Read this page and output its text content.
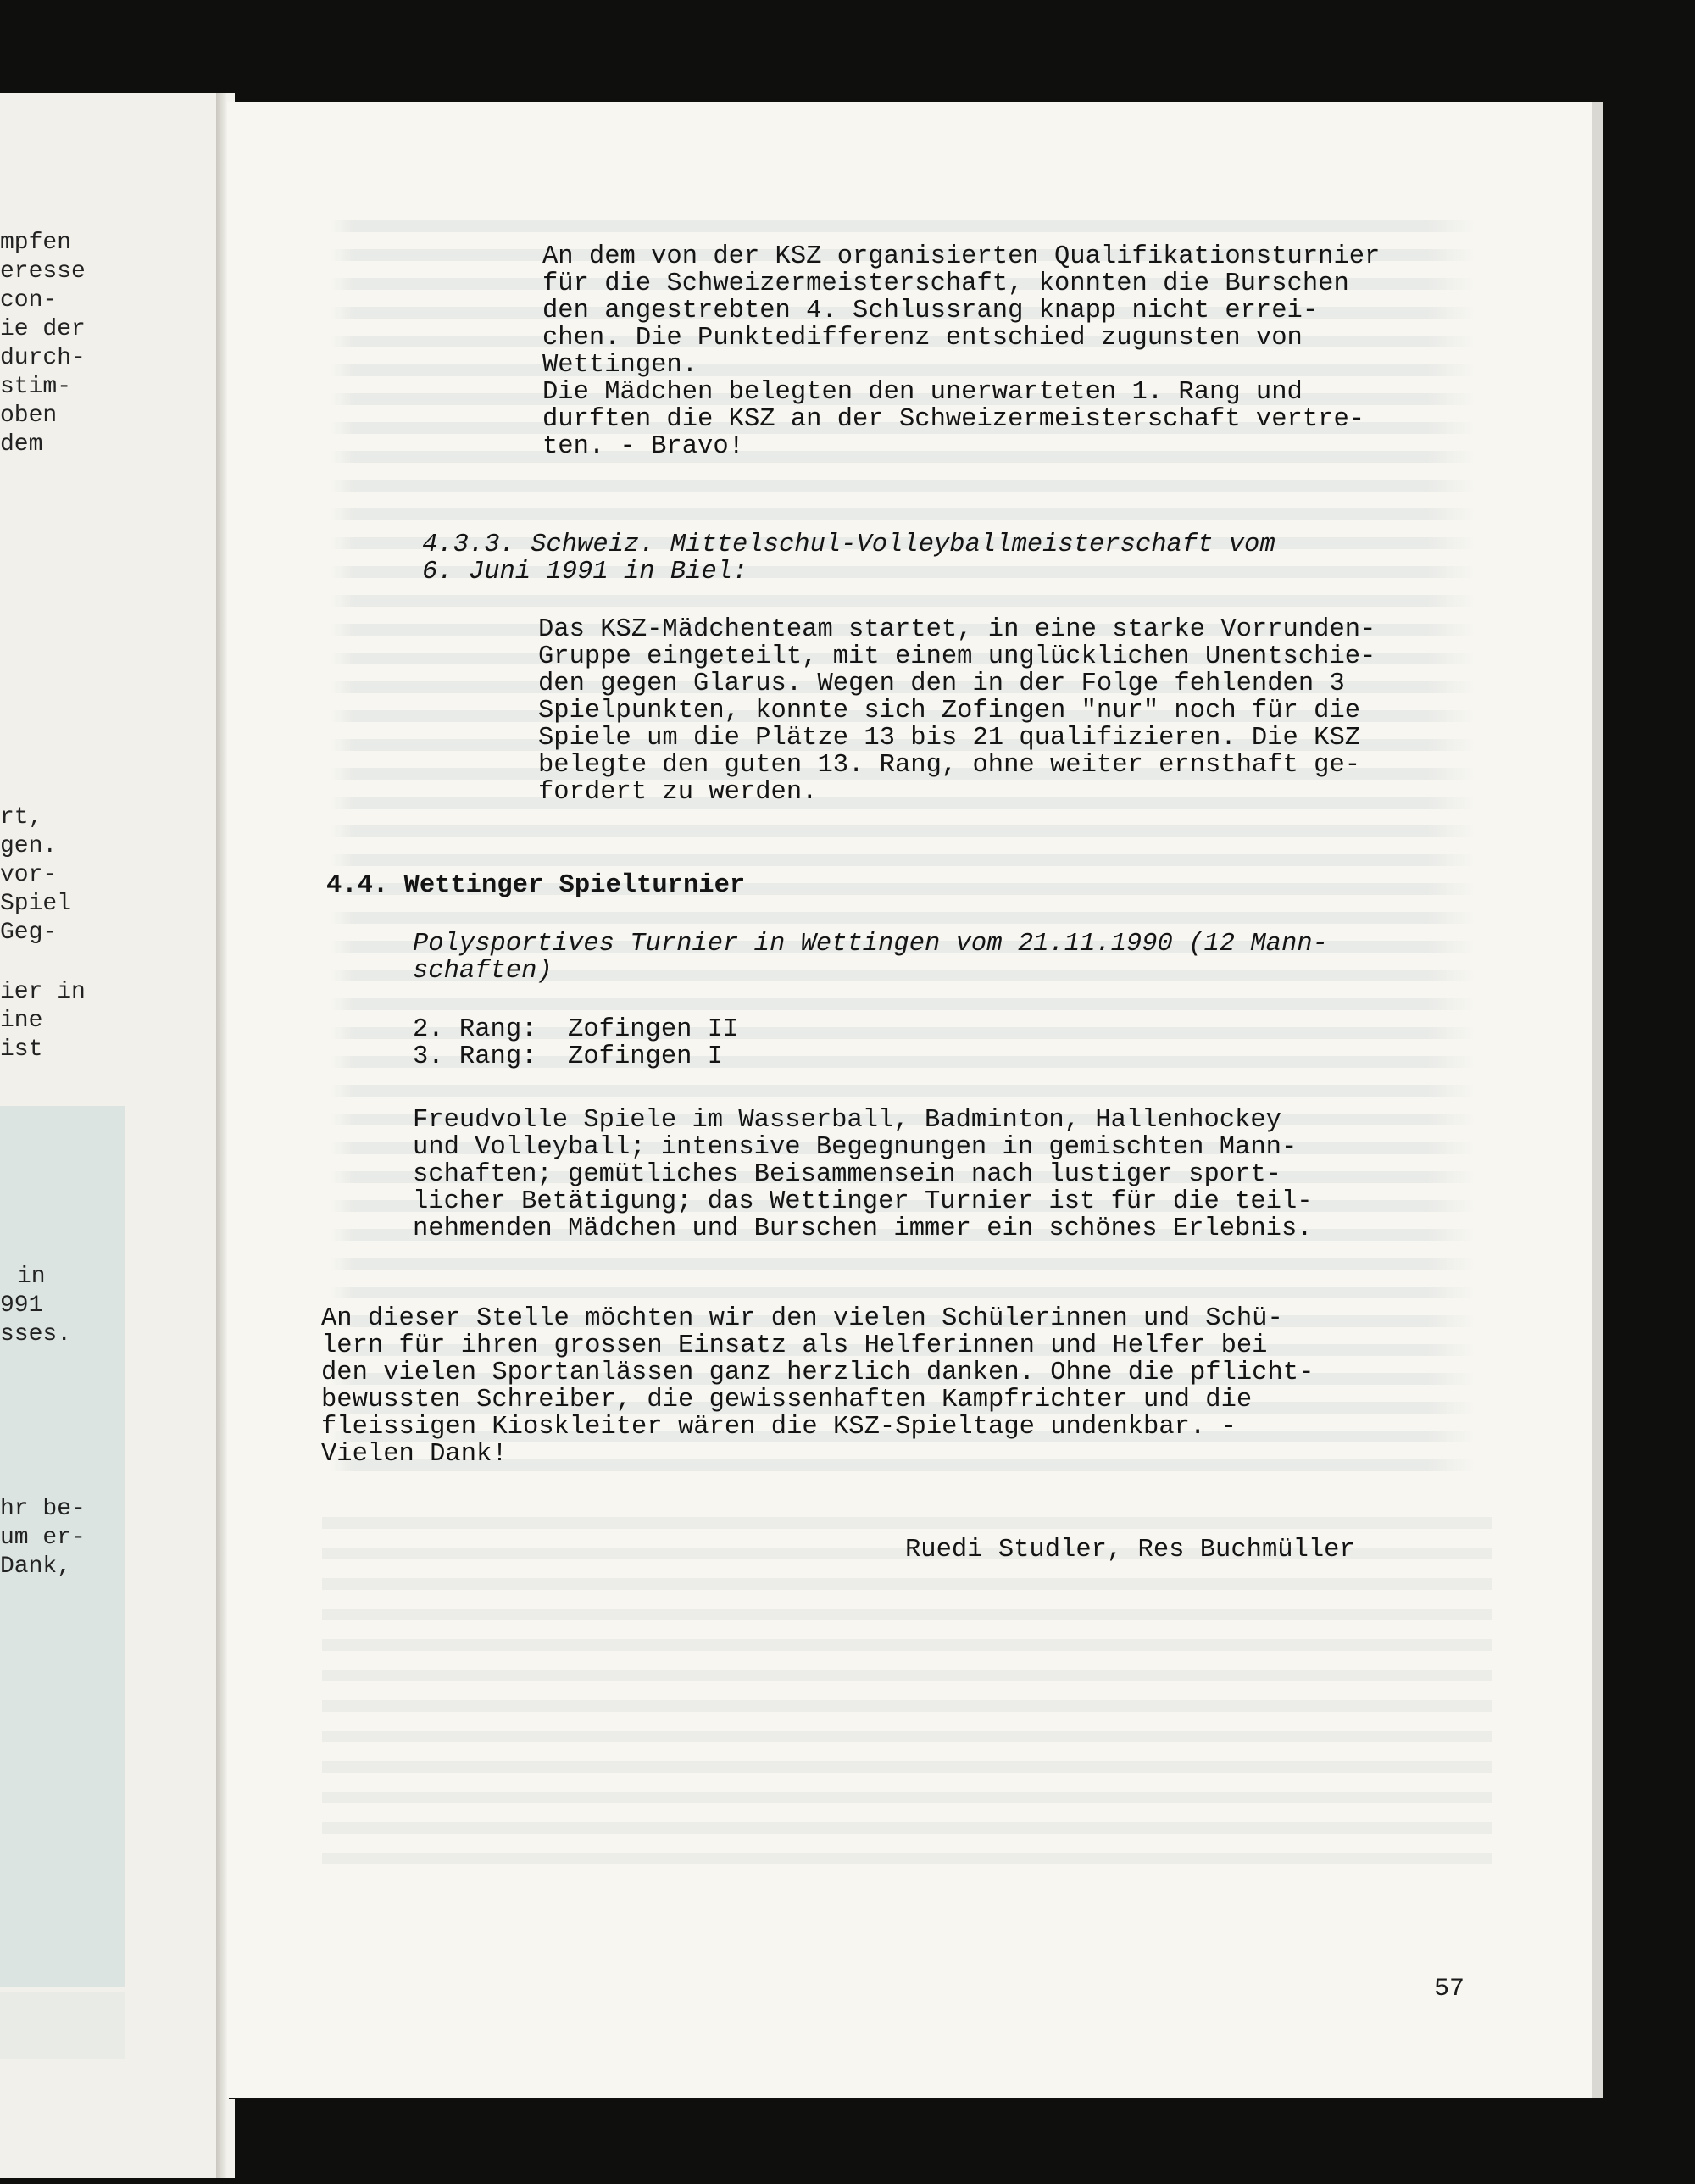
mpfen
eresse
con-
ie der
durch-
stim-
oben
dem
rt,
gen.
vor-
Spiel
Geg-
ier in
ine
ist
in
991
sses.
hr be-
um er-
Dank,
An dem von der KSZ organisierten Qualifikationsturnier
für die Schweizermeisterschaft, konnten die Burschen
den angestrebten 4. Schlussrang knapp nicht errei-
chen. Die Punktedifferenz entschied zugunsten von
Wettingen.
Die Mädchen belegten den unerwarteten 1. Rang und
durften die KSZ an der Schweizermeisterschaft vertre-
ten. - Bravo!
4.3.3. Schweiz. Mittelschul-Volleyballmeisterschaft vom
6. Juni 1991 in Biel:
Das KSZ-Mädchenteam startet, in eine starke Vorrunden-
Gruppe eingeteilt, mit einem unglücklichen Unentschie-
den gegen Glarus. Wegen den in der Folge fehlenden 3
Spielpunkten, konnte sich Zofingen "nur" noch für die
Spiele um die Plätze 13 bis 21 qualifizieren. Die KSZ
belegte den guten 13. Rang, ohne weiter ernsthaft ge-
fordert zu werden.
4.4. Wettinger Spielturnier
Polysportives Turnier in Wettingen vom 21.11.1990 (12 Mann-
schaften)
2. Rang:  Zofingen II
3. Rang:  Zofingen I
Freudvolle Spiele im Wasserball, Badminton, Hallenhockey
und Volleyball; intensive Begegnungen in gemischten Mann-
schaften; gemütliches Beisammensein nach lustiger sport-
licher Betätigung; das Wettinger Turnier ist für die teil-
nehmenden Mädchen und Burschen immer ein schönes Erlebnis.
An dieser Stelle möchten wir den vielen Schülerinnen und Schü-
lern für ihren grossen Einsatz als Helferinnen und Helfer bei
den vielen Sportanlässen ganz herzlich danken. Ohne die pflicht-
bewussten Schreiber, die gewissenhaften Kampfrichter und die
fleissigen Kioskleiter wären die KSZ-Spieltage undenkbar. -
Vielen Dank!
Ruedi Studler, Res Buchmüller
57
